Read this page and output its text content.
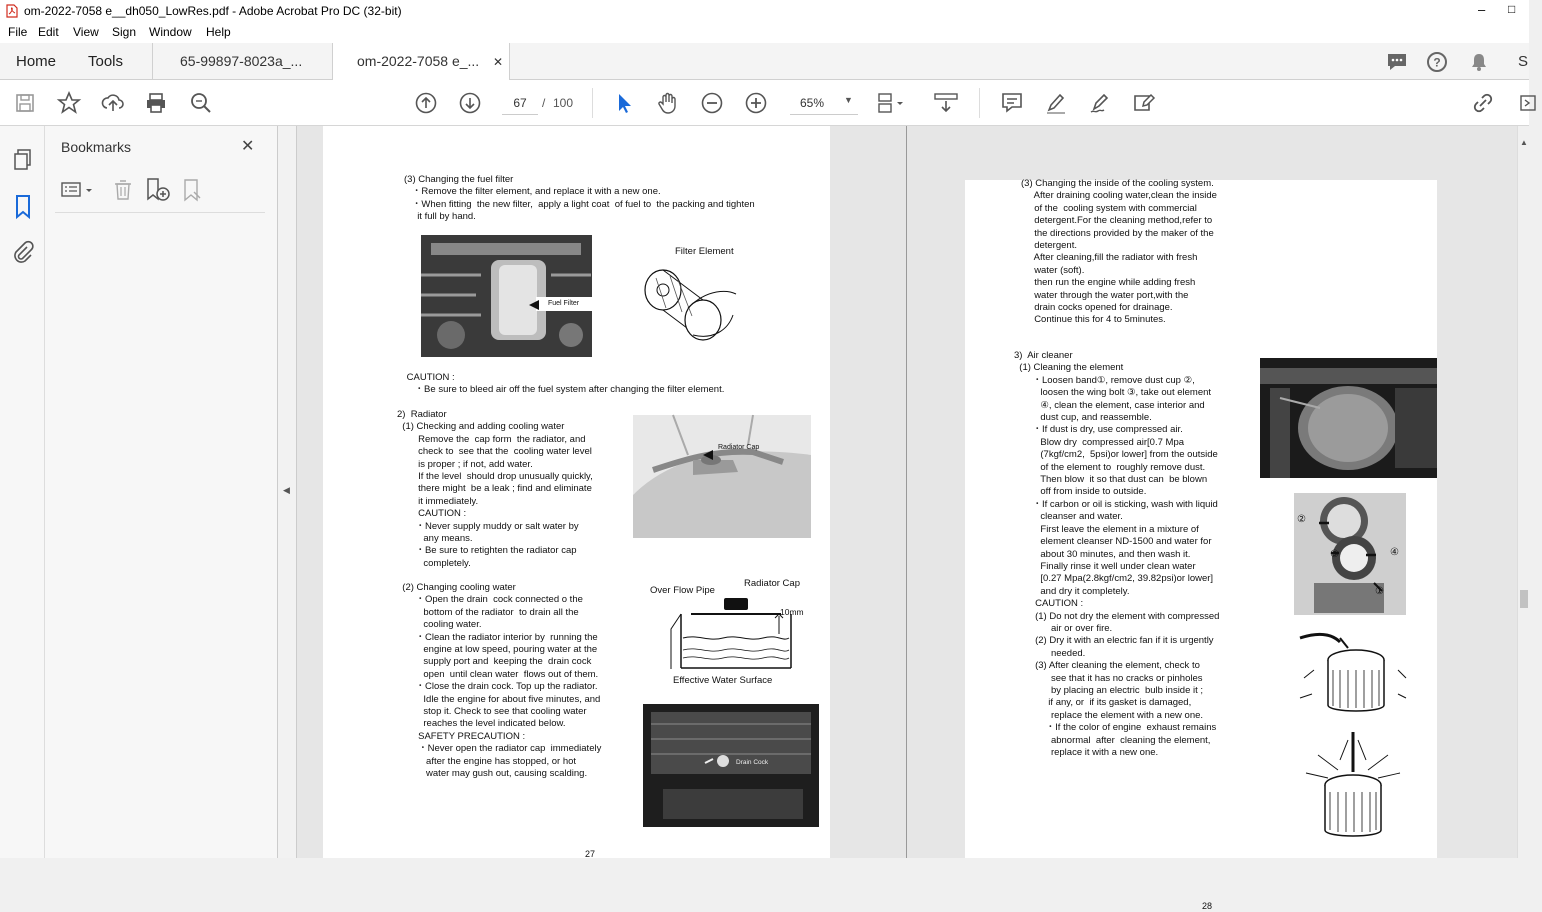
om-2022-7058 e__dh050_LowRes.pdf - Adobe Acrobat Pro DC (32-bit)	– □
File Edit View Sign Window Help
Home Tools	65-99897-8023a_...	om-2022-7058 e_... ✕	?	S
67	/ 100	65% ▼
Bookmarks	✕
◀
(3) Changing the fuel filter
・Remove the filter element, and replace it with a new one.
・When fitting  the new filter,  apply a light coat  of fuel to  the packing and tighten
it full by hand.
Fuel Filter
Filter Element
CAUTION :
・Be sure to bleed air off the fuel system after changing the filter element.
2)  Radiator
(1) Checking and adding cooling water
Remove the  cap form  the radiator, and
check to  see that the  cooling water level
is proper ; if not, add water.
If the level  should drop unusually quickly,
there might  be a leak ; find and eliminate
it immediately.
CAUTION :
・Never supply muddy or salt water by
any means.
・Be sure to retighten the radiator cap
completely.
Radiator Cap
(2) Changing cooling water
・Open the drain  cock connected o the
bottom of the radiator  to drain all the
cooling water.
・Clean the radiator interior by  running the
engine at low speed, pouring water at the
supply port and  keeping the  drain cock
open  until clean water  flows out of them.
・Close the drain cock. Top up the radiator.
Idle the engine for about five minutes, and
stop it. Check to see that cooling water
reaches the level indicated below.
SAFETY PRECAUTION :
・Never open the radiator cap  immediately
after the engine has stopped, or hot
water may gush out, causing scalding.
Over Flow Pipe
Radiator Cap
10mm
Effective Water Surface
Drain Cock
27
(3) Changing the inside of the cooling system.
After draining cooling water,clean the inside
of the  cooling system with commercial
detergent.For the cleaning method,refer to
the directions provided by the maker of the
detergent.
After cleaning,fill the radiator with fresh
water (soft).
then run the engine while adding fresh
water through the water port,with the
drain cocks opened for drainage.
Continue this for 4 to 5minutes.
3)  Air cleaner
(1) Cleaning the element
・Loosen band①, remove dust cup ②,
loosen the wing bolt ③, take out element
④, clean the element, case interior and
dust cup, and reassemble.
・If dust is dry, use compressed air.
Blow dry  compressed air[0.7 Mpa
(7kgf/cm2,  5psi)or lower] from the outside
of the element to  roughly remove dust.
Then blow  it so that dust can  be blown
off from inside to outside.
・If carbon or oil is sticking, wash with liquid
cleanser and water.
First leave the element in a mixture of
element cleanser ND-1500 and water for
about 30 minutes, and then wash it.
Finally rinse it well under clean water
[0.27 Mpa(2.8kgf/cm2, 39.82psi)or lower]
and dry it completely.
CAUTION :
(1) Do not dry the element with compressed
air or over fire.
(2) Dry it with an electric fan if it is urgently
needed.
(3) After cleaning the element, check to
see that it has no cracks or pinholes
by placing an electric  bulb inside it ;
if any, or  if its gasket is damaged,
replace the element with a new one.
・If the color of engine  exhaust remains
abnormal  after  cleaning the element,
replace it with a new one.
②
③	④
①
28
▲
